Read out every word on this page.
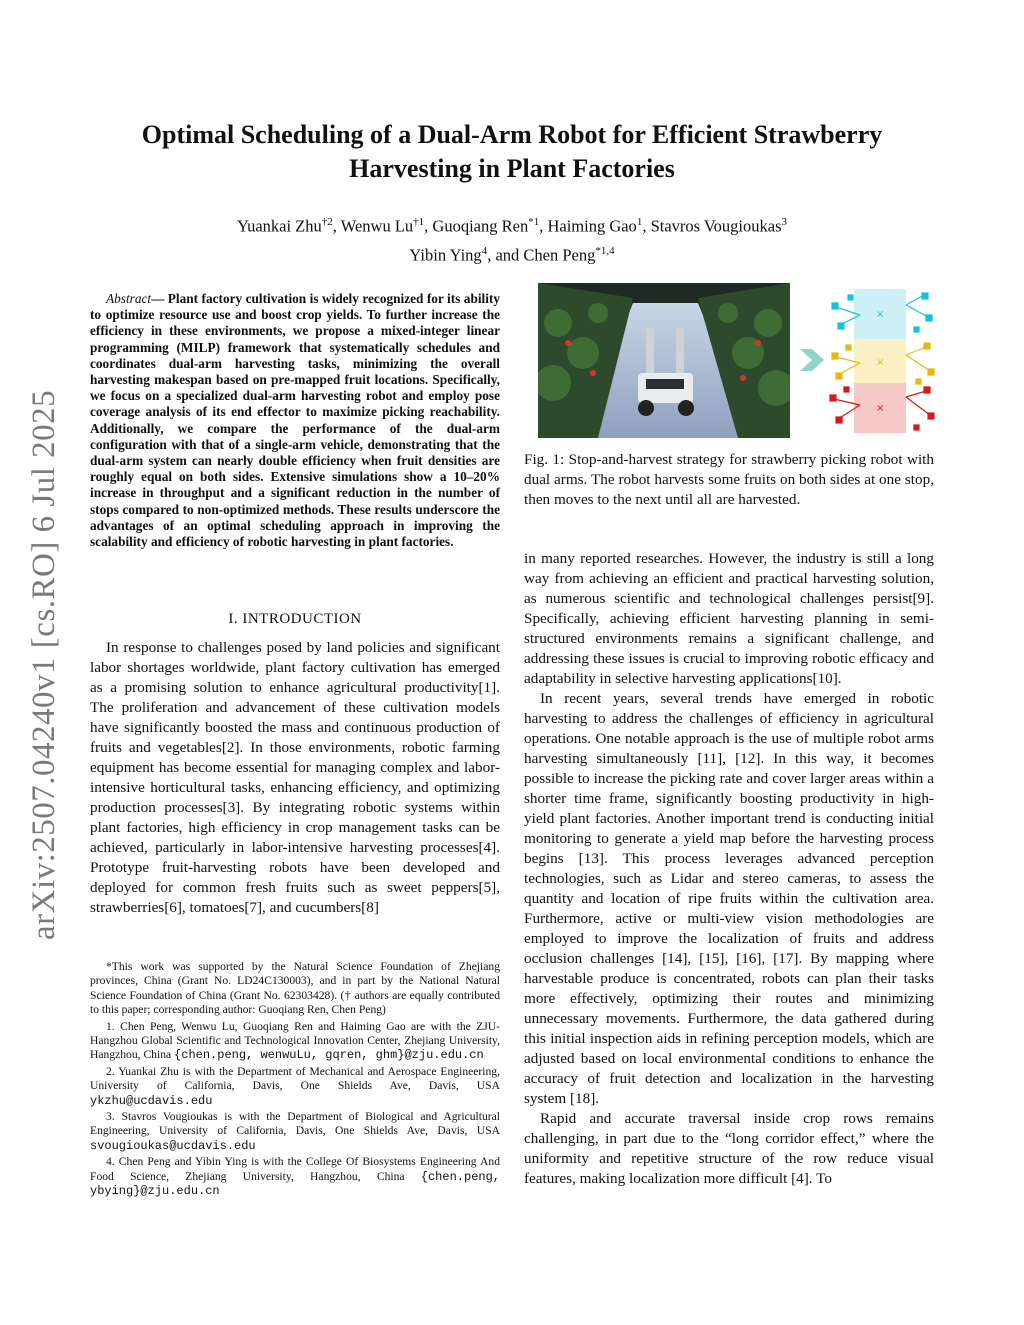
arXiv:2507.04240v1 [cs.RO] 6 Jul 2025
Optimal Scheduling of a Dual-Arm Robot for Efficient Strawberry
Harvesting in Plant Factories
Yuankai Zhu$^{\dagger 2}$, Wenwu Lu$^{\dagger 1}$, Guoqiang Ren$^{*1}$, Haiming Gao$^1$, Stavros Vougioukas$^3$
Yibin Ying$^4$, and Chen Peng$^{*1,4}$

Abstract— Plant factory cultivation is widely recognized for its ability to optimize resource use and boost crop yields. To further increase the efficiency in these environments, we propose a mixed-integer linear programming (MILP) framework that systematically schedules and coordinates dual-arm harvesting tasks, minimizing the overall harvesting makespan based on pre-mapped fruit locations. Specifically, we focus on a specialized dual-arm harvesting robot and employ pose coverage analysis of its end effector to maximize picking reachability. Additionally, we compare the performance of the dual-arm configuration with that of a single-arm vehicle, demonstrating that the dual-arm system can nearly double efficiency when fruit densities are roughly equal on both sides. Extensive simulations show a 10–20% increase in throughput and a significant reduction in the number of stops compared to non-optimized methods. These results underscore the advantages of an optimal scheduling approach in improving the scalability and efficiency of robotic harvesting in plant factories.

I. INTRODUCTION

In response to challenges posed by land policies and significant labor shortages worldwide, plant factory cultivation has emerged as a promising solution to enhance agricultural productivity[1]. The proliferation and advancement of these cultivation models have significantly boosted the mass and continuous production of fruits and vegetables[2]. In those environments, robotic farming equipment has become essential for managing complex and labor-intensive horticultural tasks, enhancing efficiency, and optimizing production processes[3]. By integrating robotic systems within plant factories, high efficiency in crop management tasks can be achieved, particularly in labor-intensive harvesting processes[4]. Prototype fruit-harvesting robots have been developed and deployed for common fresh fruits such as sweet peppers[5], strawberries[6], tomatoes[7], and cucumbers[8]

*This work was supported by the Natural Science Foundation of Zhejiang provinces, China (Grant No. LD24C130003), and in part by the National Natural Science Foundation of China (Grant No. 62303428). († authors are equally contributed to this paper; corresponding author: Guoqiang Ren, Chen Peng)

1. Chen Peng, Wenwu Lu, Guoqiang Ren and Haiming Gao are with the ZJU-Hangzhou Global Scientific and Technological Innovation Center, Zhejiang University, Hangzhou, China {chen.peng, wenwuLu, gqren, ghm}@zju.edu.cn

2. Yuankai Zhu is with the Department of Mechanical and Aerospace Engineering, University of California, Davis, One Shields Ave, Davis, USA ykzhu@ucdavis.edu

3. Stavros Vougioukas is with the Department of Biological and Agricultural Engineering, University of California, Davis, One Shields Ave, Davis, USA svougioukas@ucdavis.edu

4. Chen Peng and Yibin Ying is with the College Of Biosystems Engineering And Food Science, Zhejiang University, Hangzhou, China {chen.peng, ybying}@zju.edu.cn

×
×
×
Fig. 1: Stop-and-harvest strategy for strawberry picking robot with dual arms. The robot harvests some fruits on both sides at one stop, then moves to the next until all are harvested.

in many reported researches. However, the industry is still a long way from achieving an efficient and practical harvesting solution, as numerous scientific and technological challenges persist[9]. Specifically, achieving efficient harvesting planning in semi-structured environments remains a significant challenge, and addressing these issues is crucial to improving robotic efficacy and adaptability in selective harvesting applications[10].

In recent years, several trends have emerged in robotic harvesting to address the challenges of efficiency in agricultural operations. One notable approach is the use of multiple robot arms harvesting simultaneously [11], [12]. In this way, it becomes possible to increase the picking rate and cover larger areas within a shorter time frame, significantly boosting productivity in high-yield plant factories. Another important trend is conducting initial monitoring to generate a yield map before the harvesting process begins [13]. This process leverages advanced perception technologies, such as Lidar and stereo cameras, to assess the quantity and location of ripe fruits within the cultivation area. Furthermore, active or multi-view vision methodologies are employed to improve the localization of fruits and address occlusion challenges [14], [15], [16], [17]. By mapping where harvestable produce is concentrated, robots can plan their tasks more effectively, optimizing their routes and minimizing unnecessary movements. Furthermore, the data gathered during this initial inspection aids in refining perception models, which are adjusted based on local environmental conditions to enhance the accuracy of fruit detection and localization in the harvesting system [18].

Rapid and accurate traversal inside crop rows remains challenging, in part due to the “long corridor effect,” where the uniformity and repetitive structure of the row reduce visual features, making localization more difficult [4]. To
